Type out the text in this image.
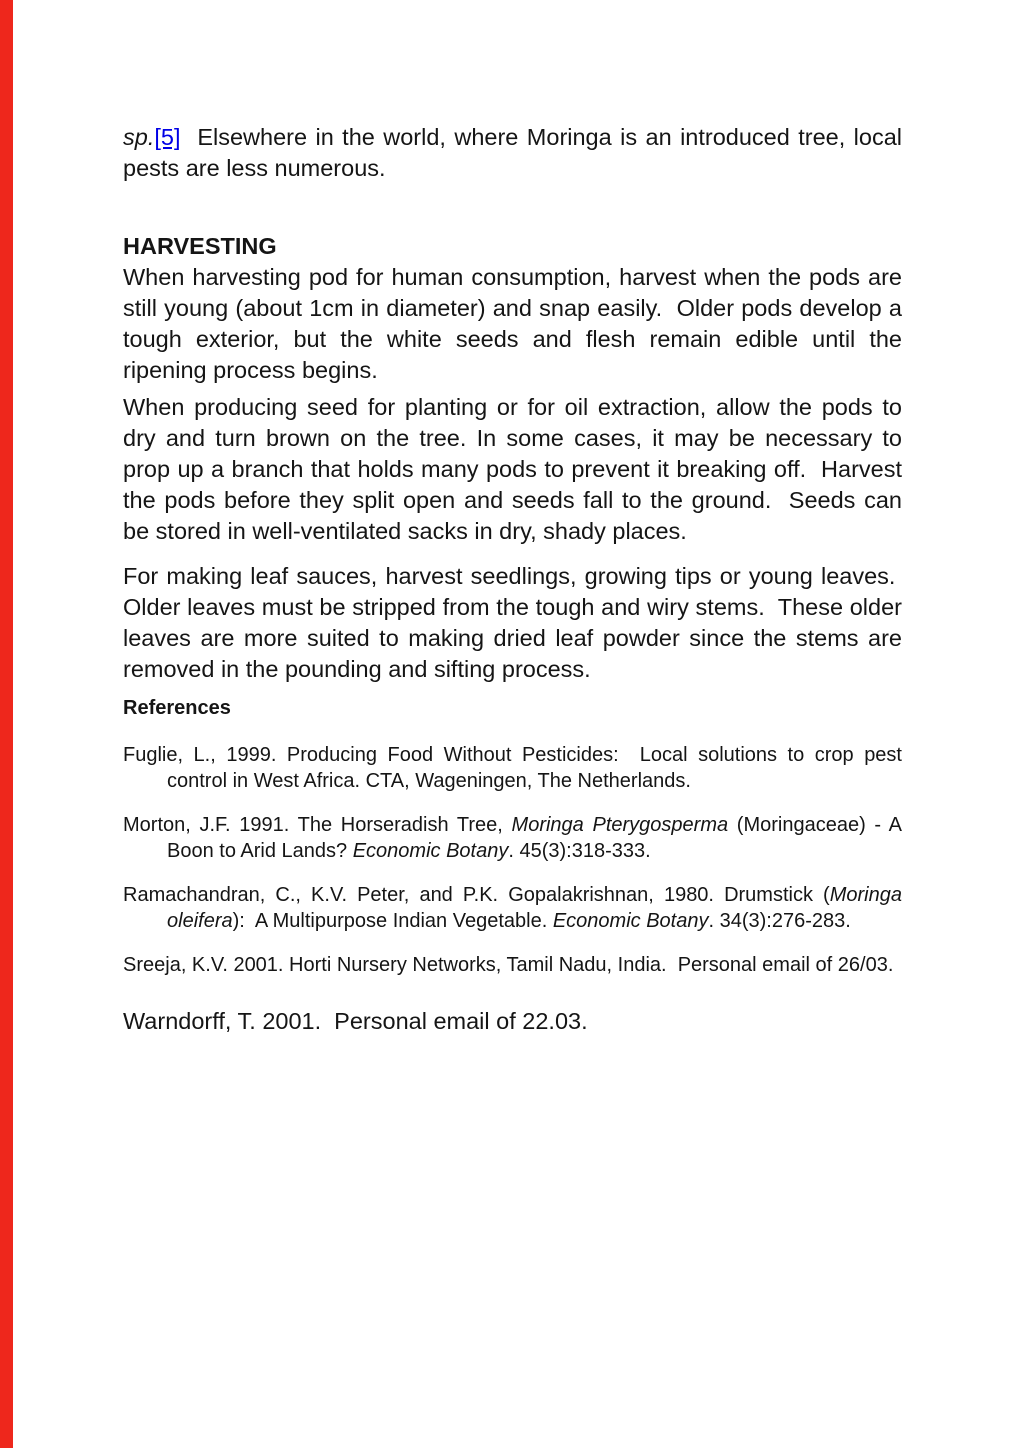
sp.[5]  Elsewhere in the world, where Moringa is an introduced tree, local pests are less numerous.

HARVESTING

When harvesting pod for human consumption, harvest when the pods are still young (about 1cm in diameter) and snap easily.  Older pods develop a tough exterior, but the white seeds and flesh remain edible until the ripening process begins.

When producing seed for planting or for oil extraction, allow the pods to dry and turn brown on the tree. In some cases, it may be necessary to prop up a branch that holds many pods to prevent it breaking off.  Harvest the pods before they split open and seeds fall to the ground.  Seeds can be stored in well-ventilated sacks in dry, shady places.

For making leaf sauces, harvest seedlings, growing tips or young leaves.  Older leaves must be stripped from the tough and wiry stems.  These older leaves are more suited to making dried leaf powder since the stems are removed in the pounding and sifting process.

References

Fuglie, L., 1999. Producing Food Without Pesticides:  Local solutions to crop pest control in West Africa. CTA, Wageningen, The Netherlands.

Morton, J.F. 1991. The Horseradish Tree, Moringa Pterygosperma (Moringaceae) - A Boon to Arid Lands? Economic Botany. 45(3):318-333.

Ramachandran, C., K.V. Peter, and P.K. Gopalakrishnan, 1980. Drumstick (Moringa oleifera):  A Multipurpose Indian Vegetable. Economic Botany. 34(3):276-283.

Sreeja, K.V. 2001. Horti Nursery Networks, Tamil Nadu, India.  Personal email of 26/03.

Warndorff, T. 2001.  Personal email of 22.03.
